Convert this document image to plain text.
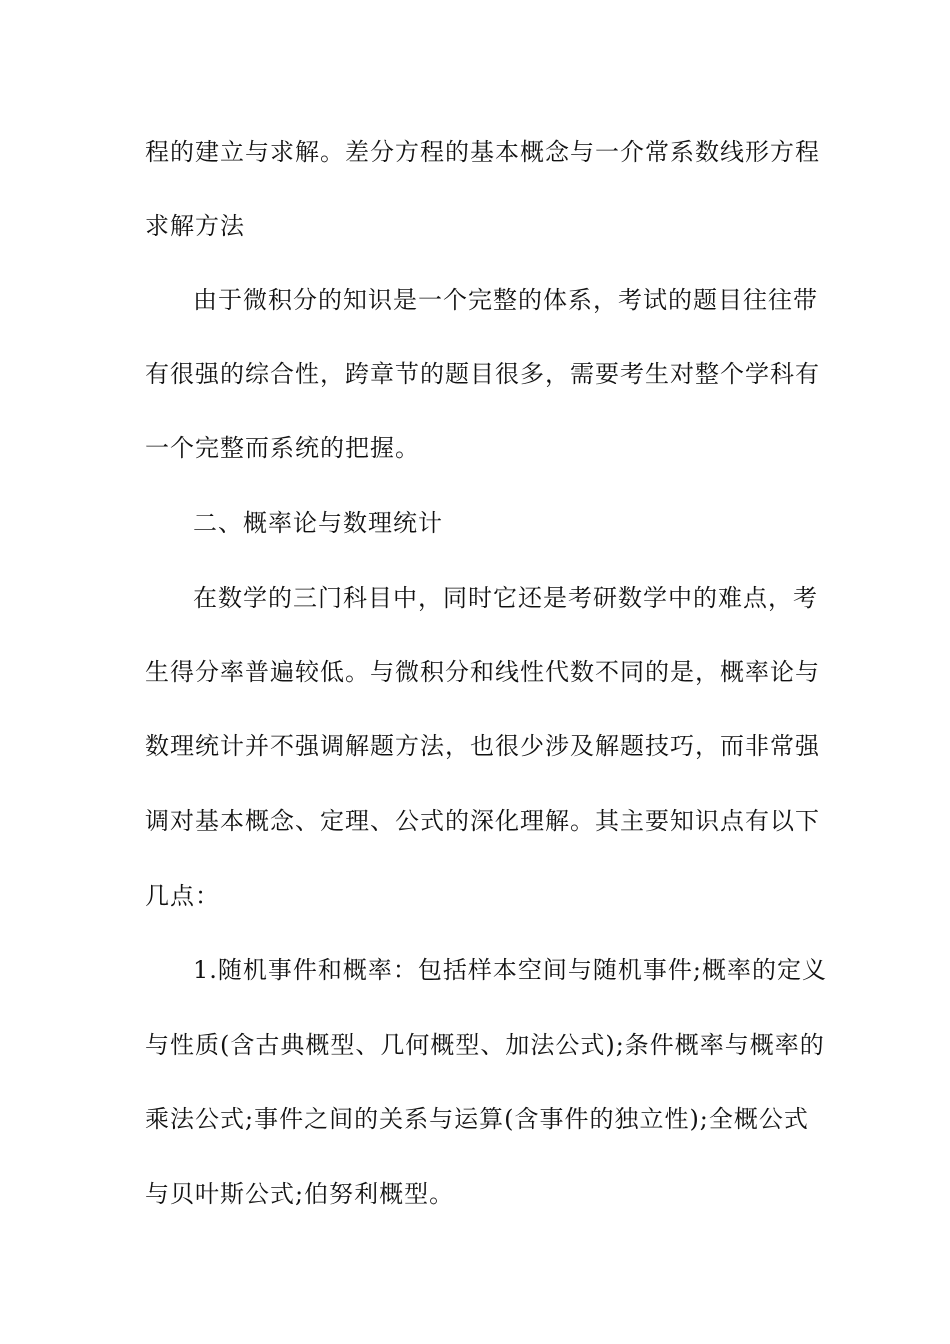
程的建立与求解。差分方程的基本概念与一介常系数线形方程
求解方法
由于微积分的知识是一个完整的体系，考试的题目往往带
有很强的综合性，跨章节的题目很多，需要考生对整个学科有
一个完整而系统的把握。
二、概率论与数理统计
在数学的三门科目中，同时它还是考研数学中的难点，考
生得分率普遍较低。与微积分和线性代数不同的是，概率论与
数理统计并不强调解题方法，也很少涉及解题技巧，而非常强
调对基本概念、定理、公式的深化理解。其主要知识点有以下
几点：
1.随机事件和概率：包括样本空间与随机事件;概率的定义
与性质(含古典概型、几何概型、加法公式);条件概率与概率的
乘法公式;事件之间的关系与运算(含事件的独立性);全概公式
与贝叶斯公式;伯努利概型。
